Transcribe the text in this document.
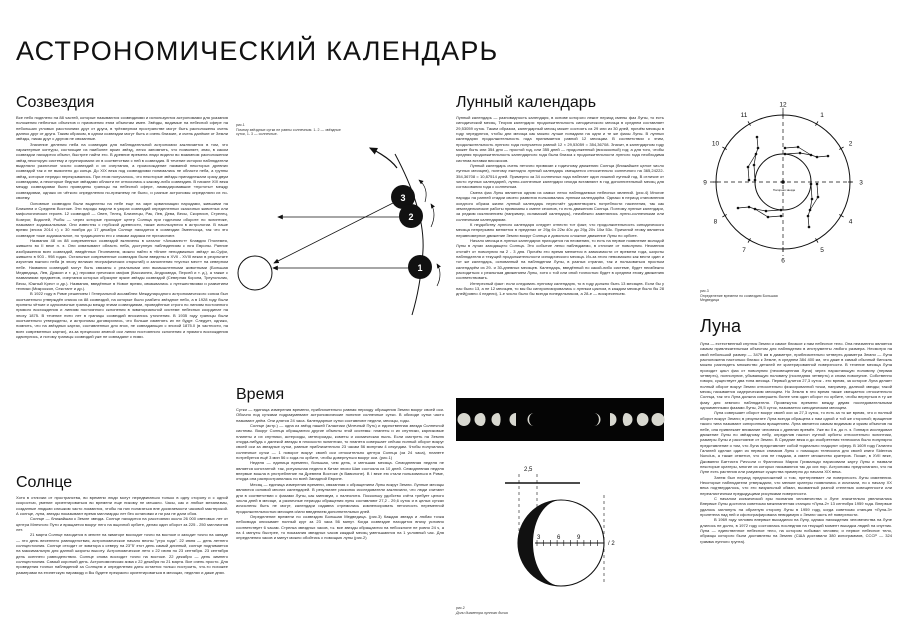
АСТРОНОМИЧЕСКИЙ КАЛЕНДАРЬ
Созвездия

Все небо поделено на 88 частей, которые называются созвездиями и используются астрономами для указания положения небесных объектов и присвоения этим объектам имен. Звёзды, видимые на небесной сфере на небольших угловых расстояниях друг от друга, в трёхмерном пространстве могут быть расположены очень далеко друг от друга. Таким образом, в одном созвездии могут быть и очень близкие, и очень далёкие от Земли звёзды, никак друг с другом не связанные.

Значение деления неба на созвездия для наблюдательной астрономии заключается в том, что характерные контуры, состоящие из наиболее ярких звёзд, легко запомнить, что позволяет, зная, в каком созвездии находится объект, быстрее найти его. В древние времена люди видели во взаимном расположении звёзд некоторую систему и группировали их в соответствии с ней в созвездия. В течение истории наблюдатели выделяли различное число созвездий и их очертания, а происхождение названий некоторых древних созвездий так и не выяснено до конца. До XIX века под созвездиями понимались не области неба, а группы звёзд, которые нередко перекрывались. При этом получалось, что некоторые звёзды принадлежали сразу двум созвездиям, а некоторые бедные звёздами области не относились к какому-либо созвездию. В начале XIX века между созвездиями были проведены границы на небесной сфере, ликвидировавшие «пустоты» между созвездиями, однако их чёткого определения по-прежнему не было, и разные астрономы определяли их по-своему.

Основные созвездия были выделены на небе еще на заре цивилизации народами, жившими на Ближнем и Среднем Востоке. Эти народы видели в узорах созвездий определенных сказочных животных или мифологических героев. 12 созвездий — Овен, Телец, Близнецы, Рак, Лев, Дева, Весы, Скорпион, Стрелец, Козерог, Водолей, Рыбы — через которые проходит центр Солнца при годичном обороте по эклиптике, называют зодиакальными. Они известны с глубокой древности, также используются в астрологии. В наше время (эпоха 2014 г.) с 30 ноября до 17 декабря Солнце находится в созвездии Змееносца, так что это созвездие тоже зодиакальное, но традиционно его к знакам зодиака не причисляют.

Названия 48 из 88 современных созвездий включены в каталог «Альмагест» Клавдия Птолемея, жившего во II веке н. э. Они охватывают область неба, доступную наблюдениям с юга Европы. Ранние изображения всех созвездий, введённых Птолемеем, можно найти в «Книге неподвижных звёзд» ас-Суфи, жившего в 903 - 998 годах. Остальные современные созвездия были введены в XVII - XVIII веках в результате изучения южного неба (в эпоху великих географических открытий) и заполнения «пустых мест» на северном небе. Названия созвездий могут быть связаны с реальными или вымышленными животными (Большая Медведица, Лев, Дракон и т. д.) героями греческих мифов (Кассиопея, Андромеда, Персей и т. д.), а также с названиями предметов, очертания которых образуют яркие звёзды созвездий (Северная Корона, Треугольник, Весы, Южный Крест и др.). Названия, введённые в Новое время, связывались с путешествиями и развитием техники (Микроскоп, Секстант и др.).

В 1922 году в Риме решением I Генеральной ассамблеи Международного астрономического союза был окончательно утверждён список из 88 созвездий, на которые было разбито звёздное небо, а в 1928 году были приняты чёткие и однозначные границы между этими созвездиями, проведённые строго по линиям постоянного прямого восхождения и линиям постоянного склонения в экваториальной системе небесных координат на эпоху 1875. В течение пяти лет в границы созвездий вносились уточнения. В 1935 году границы были окончательно утверждены, и астрономы договорились, что больше изменять их не будут. Следует, однако, помнить, что на звёздных картах, составленных для эпох, не совпадающих с эпохой 1875.0 (в частности, на всех современных картах), из-за прецессии земной оси линии постоянного склонения и прямого восхождения сдвинулись, и потому границы созвездий уже не совпадают с ними.

Солнце

Хотя в отличии от пространства, во времени люди могут передвигаться только в одну сторону и с одной скоростью, умение ориентироваться во времени еще никому не мешало. Часы, как и любые механизмы, созданные людьми слишком часто ломаются, чтобы на них полагаться вне досягаемости часовой мастерской. А солнце, луна, звезды показывают время миллиарды лет без остановки и ни раз не дали сбоя.

Солнце — ближайшая к Земле звезда. Солнце находится на расстоянии около 26 000 световых лет от центра Млечного Пути и вращается вокруг него на ящичной орбите, делая один оборот за 225 - 250 миллионов лет.

21 марта Солнце находится в зените на экваторе восходит точно на востоке и заходит точно на западе — это день весеннего равноденствия, астрономическое начало весны "утро года". 22 июня — день летнего солнцестояния. Солнце отходит от экватора к северу на 23°5' этот день самый длинный, солнце поднимается на максимальную для данной широты высоту. Астрономическое лето с 22 июня по 23 сентября. 23 сентября день осеннего равноденствия. Солнце снова восходит точно на востоке. 22 декабря — день зимнего солнцестояния. Самый короткий день. Астрономическая зима с 22 декабря по 21 марта. Все очень просто. Для проведения точных наблюдений за Солнцем и определения даты остается только построить, что-то похожее размерами на египетскую пирамиду и Вы будете прекрасно ориентироваться в месяцах, неделях и даже днях.

рис.1
Почему звёздные сутки не равны солнечным. 1- 2 — звёздные сутки, 1- 3 — солнечные.
3
2
1
Время

Сутки — единица измерения времени, приблизительно равная периоду обращения Земли вокруг своей оси. Обычно под сутками подразумевают астрономические понятие солнечные сутки. В обиходе сутки часто называют днём. Они длятся 24 часа. Календарные сутки составляют недели, месяцы, годы.

Солнце (астр.) — одна из звёзд нашей Галактики (Млечный Путь) и единственная звезда Солнечной системы. Вокруг Солнца обращаются другие объекты этой системы: планеты и их спутники, карликовые планеты и их спутники, астероиды, метеороиды, кометы и космическая пыль. Если смотреть на Землю откуда-нибудь с далекой звезды в плоскости эклиптики, то планета совершает сейчас полный оборот вокруг своей оси за звездные сутки, равные приблизительно 23 часам 56 минутам 4 секундам. Чтобы получились солнечные сутки — 1 поворот вокруг своей оси относительно центра Солнца (за 24 часа), планете потребуется ещё 3 мин 56 с хода по орбите, чтобы довернуться вокруг оси. (рис.1)

Неделя — единица времени, большая, чем день, и меньшая месяца. Семидневная неделя не является константой: так, ритуальная неделя в Китае эпохи Шан состояла из 10 дней. Семидневная неделя впервые вошла в употребление на Древнем Востоке (в Вавилоне). В I веке ею стали пользоваться в Риме, откуда она распространилась по всей Западной Европе.

Месяц — единица измерения времени, связанная с обращением Луны вокруг Земли. Лунные месяцы являются основой многих календарей. В результате раскопок исследователи заключили, что люди считают дни в соответствии с фазами Луны, как минимум, с палеолита. Поскольку удобство счёта требует целого числа дней в месяце, а различные периоды обращения луны составляют 27,2 - 29,6 суток и в целых сутках исчислены быть не могут, календари издавна стремились компенсировать неточность переменной продолжительностью месяцев и/или введением дополнительных дней.

Определение времени по созвездию Большая Медведица. (рис.3) Каждая звезда и любая точка небосвода описывает полный круг за 23 часа 56 минут. Когда созвездие находится внизу условно соответствует 6 часам. Стрелка звездных часов, т.к. все звезды обращаются на небосклоне не ровно 24 ч, а на 4 минуты быстрее, то показания звездных часов каждый месяц уменьшаются на 1 условный час. Для определения часов и минут можно обойтись с помощью луны (рис.2)

Лунный календарь

Лунный календарь — разновидность календаря, в основе которого лежит период смены фаз Луны, то есть синодический месяц. Теория календаря: продолжительность синодического месяца в среднем составляет 29,53059 суток. Таким образом, календарный месяц может состоять из 29 или из 30 дней, причём месяцы в году чередуются, чтобы дни месяца как можно лучше попадали на одни и те же фазы Луны. В лунных календарях продолжительность года принимается равной 12 месяцам. В соответствии с этим, продолжительность лунного года получается равной 12 × 29,53059 = 354,36708. Значит, в календарном году может быть или 354 дня — простой год, или 355 дней — продолженный (високосный) год; а для того, чтобы средняя продолжительность календарного года была близка к продолжительности лунного года необходима система вставки високосов.

Лунный календарь очень неточно привязан к годичному движению Солнца (ближайшее целое число лунных месяцев), поэтому ежегодно лунный календарь смещается относительно солнечного на 365,24222-354,36708 = 10,87514 дней. Примерно за 34 солнечных года набегает один лишний лунный год. В отличие от чисто лунных календарей, лунно-солнечные календари иногда вставляют в год дополнительный месяц для согласования года с солнечным.

Смена фаз Луны является одним из самых легко наблюдаемых небесных явлений. (рис.4) Многие народы на ранней стадии своего развития пользовались лунным календарём. Однако в период становления оседлого образа жизни лунный календарь перестаёт удовлетворять потребности населения, так как земледельческие работы привязаны к смене сезонов, то есть движению Солнца. Поэтому лунные календари, за редким исключением (например, исламский календарь), неизбежно заменялись лунно-солнечными или солнечными календарями.

К неудобству лунного календаря следует отнести тот факт, что продолжительность синодического месяца непрерывно меняется в пределах от 29д 6ч 22м 40с до 29д 20ч 10м 53с. Причиной этому является неравномерное движение Земли вокруг Солнца и довольно сложное движение Луны по орбите.

Начало месяца в лунных календарях приходится на неомению, то есть на первое появление молодой Луны в лучах заходящего Солнца. Это событие легко наблюдаемо, в отличие от новолуния. Неомения отстаёт от новолуния на 2 - 3 дня. Причём это время меняется в зависимости от времени года, широты наблюдателя и текущей продолжительности синодического месяца. Из-за этого невозможно как вести один и тот же календарь, основанный на наблюдении Луны, в разных странах, так и пользоваться простым календарём из 29- и 30-дневных месяцев. Календарь, введённый по какой-либо системе, будет неизбежно расходиться с реальным движением Луны, хотя с той или иной точностью будет в среднем этому движению соответствовать.

Интересный факт: если следовать лунному календарю, то в году должно быть 13 месяцев. Если бы у нас было 13, а не 12 месяцев, то мы бы синхронизировались с лунным циклом, в каждом месяце было бы 28 дней(ровно 4 недели), 1-е число было бы всегда понедельником, а 28-е — воскресеньем.

2,5
3	6	9
/ 2
рис.2
Доли диаметра лунного диска
Полярная звезда
12
1
2
3
4
5
6
7
8
9
10
11
рис.3
Определение времени по созвездию Большая Медведица
Луна

Луна — естественный спутник Земли и самое близкое к нам небесное тело. Она неизменно является самым привлекательным объектом для наблюдения в инструменты любого размера. Несмотря на свой небольшой размер — 3475 км в диаметре, приблизительно четверть диаметра Земли — Луна расположена настолько близко к Земле, в среднем 384 400 км, что даже в самый обычный бинокль можно разглядеть множество деталей ее кратерированной поверхности. В течение месяца Луна проходит цикл фаз от новолуния (неосвещенная Луна) через нарастающую половину (первая четверть), полнолуние, убывающую половину (последняя четверть) и снова новолуние. Собственно говоря, существует два типа месяца. Первый длится 27,3 суток - это время, за которое Луна делает полный оборот вокруг Земли относительно фиксированной точки, например, далекой звезды; такой месяц называется сидерическим месяцем. Но Земля в это время также смещается относительно Солнца, так что Луна должна совершить более чем один оборот по орбите, чтобы вернуться в ту же фазу для земного наблюдателя. Промежуток времени между двумя последовательными одноименными фазами Луны, 29,5 суток, называется синодическим месяцем.

Луна совершает оборот вокруг своей оси за 27,3 суток, то есть за то же время, что и полный оборот вокруг Земли; в результате Луна всегда обращена к нам одной и той же стороной; вращение такого типа называют синхронным вращением. Луна является самым видимым и ярким объектов на небе, она привлекает внимание человека с древних времён. Уже во II в. до н. э. Гиппарх исследовал движение Луны по звёздному небу, определив наклон лунной орбиты относительно эклиптики, размеры Луны и расстояние от Земли. В Средние века и до изобретения телескопа было популярно представление о том, что Луна представляет собой «идеально гладкую» сферу. В 1609 году Галилео Галилей сделал один из первых снимков Луны с помощью телескопа для своей книги Sidereus Nuncius, а также отметил, что она не гладкая, а имеет множество кратеров. Позже, в XVII веке, Джованни Баттиста Риччоли и Франческо Мария Гримальди нарисовали карту Луны и назвали некоторые кратеры, многие из которых называются так до сих пор. Астрономы предполагали, что на Луне есть растения или разумные существа примерно до начала XIX века.

Затем был период предположений о том, претерпевает ли поверхность Луны изменения. Некоторые наблюдатели утверждали, что мелкие кратеры появлялись и исчезали, но к началу XX века подтвердилось, что это визуальный обман, вызванный разной степенью освещенности или нереалистичным предыдущими рисунками поверхности.

С началом космической эры познания человечества о Луне значительно увеличились Впервые Луны достигла советская межпланетная станция «Луна-2» 13 сентября 1959 года. Впервые удалось заглянуть на обратную сторону Луны в 1959 году, когда советская станция «Луна-3» пролетела над ней и сфотографировала невидимую с Земли часть её поверхности.

В 1969 году человек впервые высадился на Луну, однако нахождения человечества на Луне длилось не долго, в 1972 году состоялась последняя на текущий момент высадка людей на спутник. Луна — единственное небесное тело, на котором побывал человек; и первое небесное тело, образцы которого были доставлены на Землю (США доставили 380 килограммов, СССР — 324 грамма лунного грунта).
